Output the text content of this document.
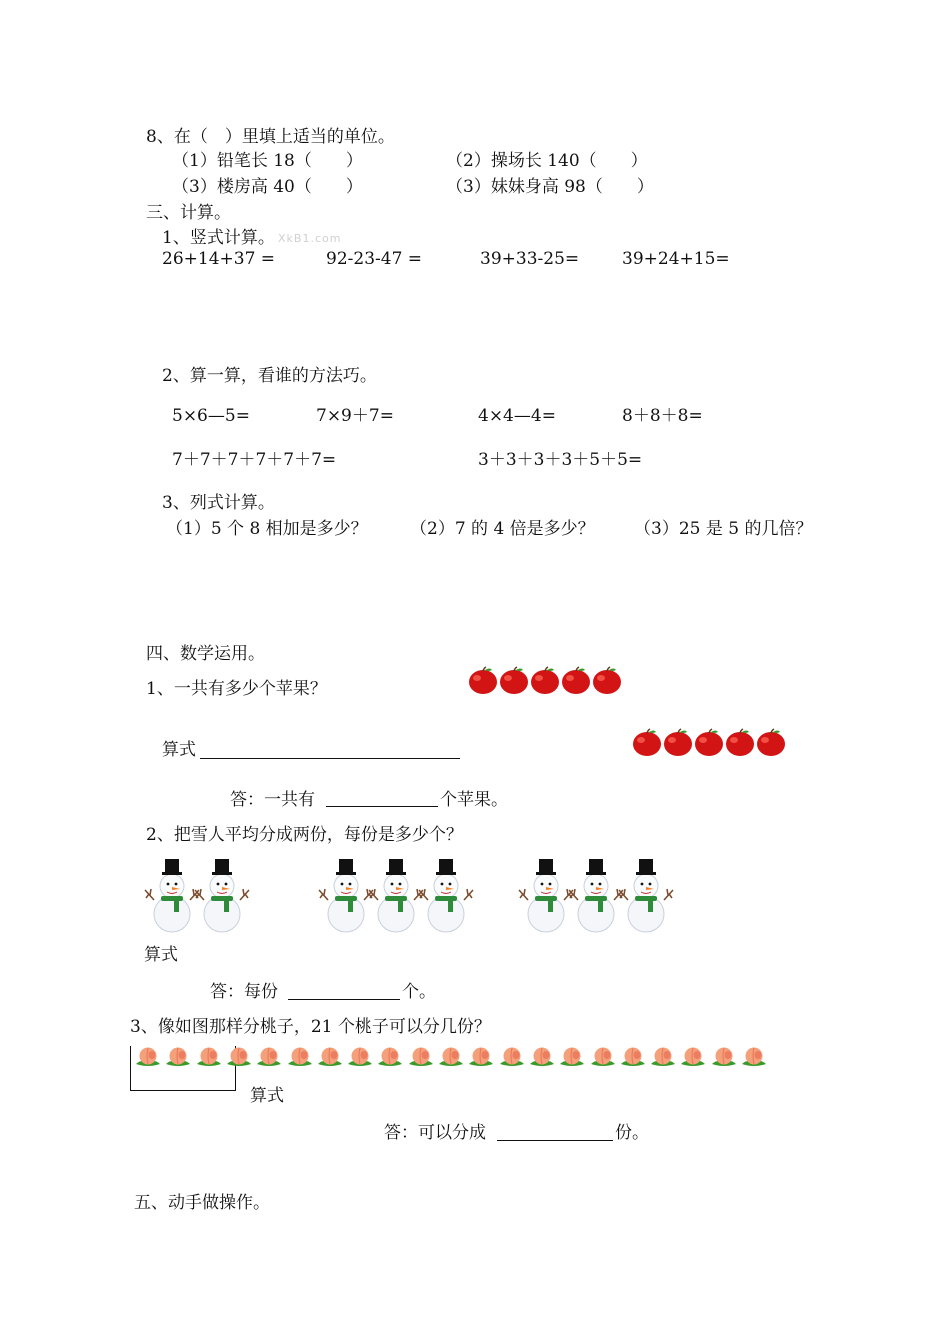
8、在（　）里填上适当的单位。
（1）铅笔长 18（　　）	（2）操场长 140（　　）
（3）楼房高 40（　　）	（3）妹妹身高 98（　　）
三、计算。
1、竖式计算。 XkB1.com
26+14+37 =	92-23-47 =	39+33-25=	39+24+15=
2、算一算，看谁的方法巧。
5×6—5=	7×9＋7=	4×4—4=	8＋8＋8=
7＋7＋7＋7＋7＋7=	3＋3＋3＋3＋5＋5=
3、列式计算。
（1）5 个 8 相加是多少？ （2）7 的 4 倍是多少？ （3）25 是 5 的几倍？
四、数学运用。
1、一共有多少个苹果？
算式
答：一共有	个苹果。
2、把雪人平均分成两份，每份是多少个？
算式
答：每份	个。
3、像如图那样分桃子，21 个桃子可以分几份？
算式
答：可以分成	份。
五、动手做操作。
